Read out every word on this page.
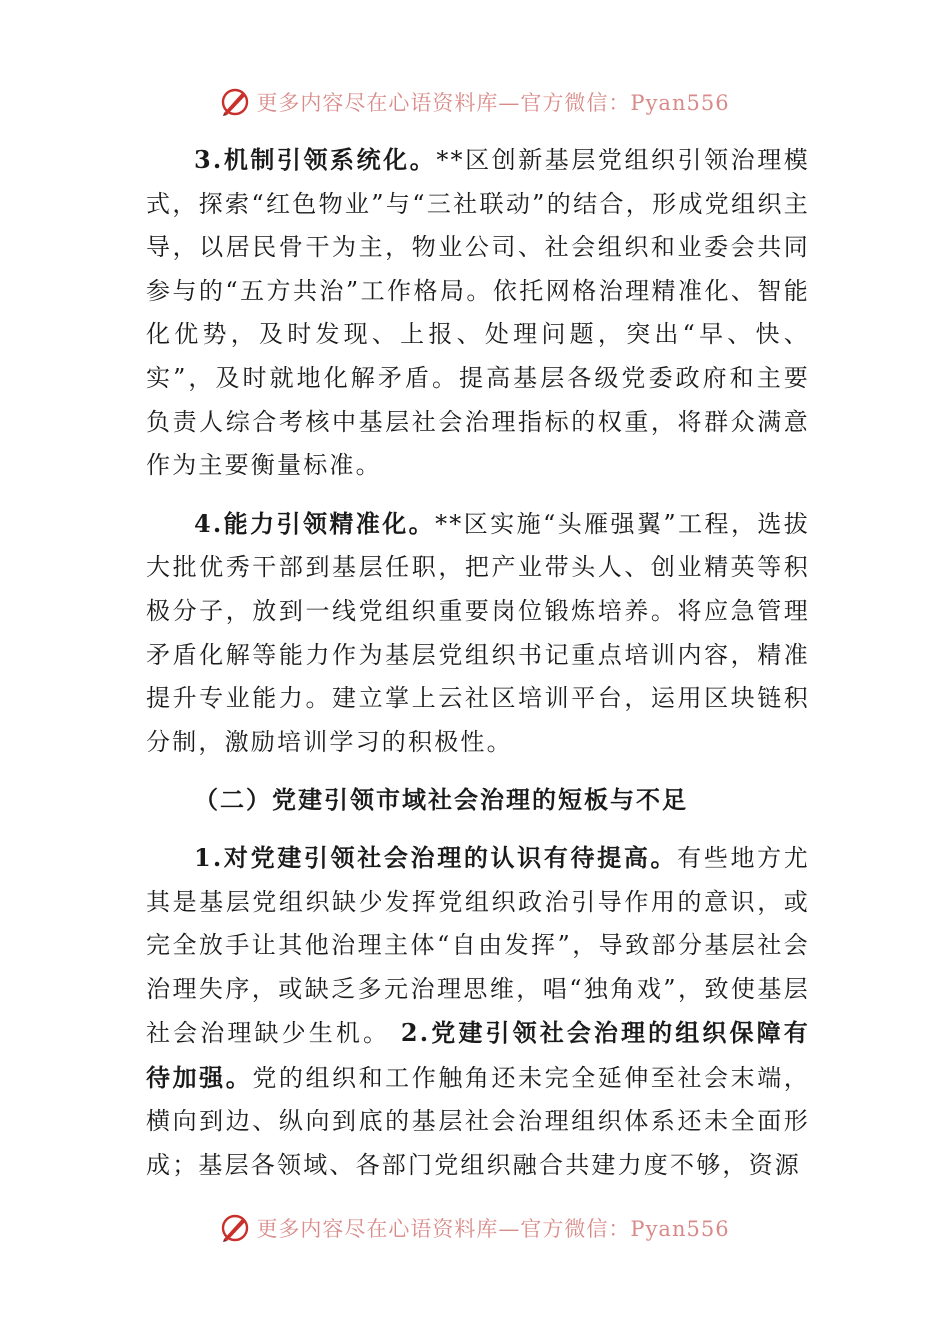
更多内容尽在心语资料库—官方微信：Pyan556

3.机制引领系统化。**区创新基层党组织引领治理模式，探索“红色物业”与“三社联动”的结合，形成党组织主导，以居民骨干为主，物业公司、社会组织和业委会共同参与的“五方共治”工作格局。依托网格治理精准化、智能化优势，及时发现、上报、处理问题，突出“早、快、实”，及时就地化解矛盾。提高基层各级党委政府和主要负责人综合考核中基层社会治理指标的权重，将群众满意作为主要衡量标准。

4.能力引领精准化。**区实施“头雁强翼”工程，选拔大批优秀干部到基层任职，把产业带头人、创业精英等积极分子，放到一线党组织重要岗位锻炼培养。将应急管理矛盾化解等能力作为基层党组织书记重点培训内容，精准提升专业能力。建立掌上云社区培训平台，运用区块链积分制，激励培训学习的积极性。

（二）党建引领市域社会治理的短板与不足

1.对党建引领社会治理的认识有待提高。有些地方尤其是基层党组织缺少发挥党组织政治引导作用的意识，或完全放手让其他治理主体“自由发挥”，导致部分基层社会治理失序，或缺乏多元治理思维，唱“独角戏”，致使基层社会治理缺少生机。 2.党建引领社会治理的组织保障有待加强。党的组织和工作触角还未完全延伸至社会末端，横向到边、纵向到底的基层社会治理组织体系还未全面形成；基层各领域、各部门党组织融合共建力度不够，资源

更多内容尽在心语资料库—官方微信：Pyan556
